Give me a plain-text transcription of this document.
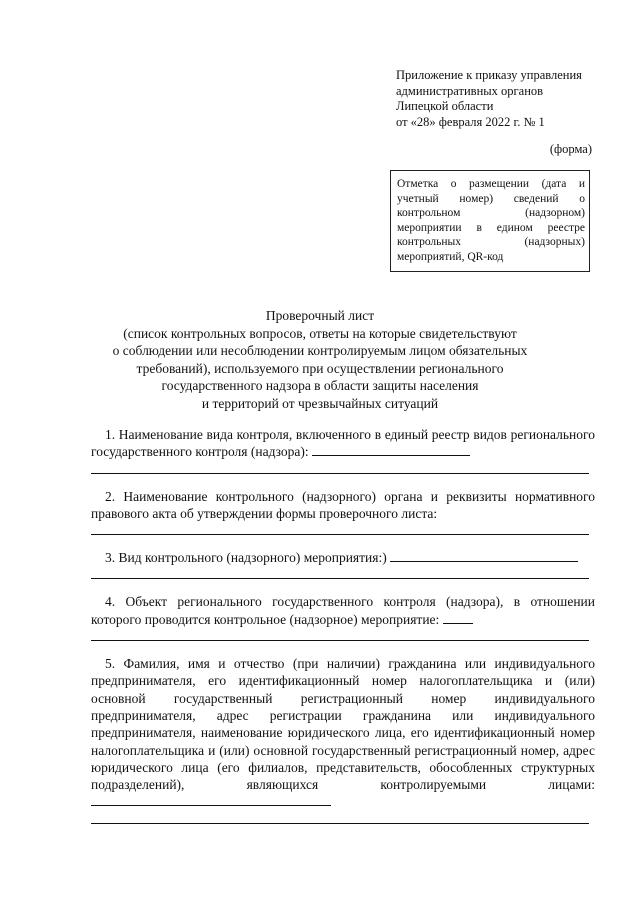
Приложение к приказу управления
административных органов
Липецкой области
от «28» февраля 2022 г. № 1
(форма)
Отметка о размещении (дата и учетный номер) сведений о контрольном (надзорном) мероприятии в едином реестре контрольных (надзорных) мероприятий, QR-код
Проверочный лист
(список контрольных вопросов, ответы на которые свидетельствуют
о соблюдении или несоблюдении контролируемым лицом обязательных
требований), используемого при осуществлении регионального
государственного надзора в области защиты населения
и территорий от чрезвычайных ситуаций
1. Наименование вида контроля, включенного в единый реестр видов регионального государственного контроля (надзора):
2. Наименование контрольного (надзорного) органа и реквизиты нормативного правового акта об утверждении формы проверочного листа:
3. Вид контрольного (надзорного) мероприятия:)
4. Объект регионального государственного контроля (надзора), в отношении которого проводится контрольное (надзорное) мероприятие:
5. Фамилия, имя и отчество (при наличии) гражданина или индивидуального предпринимателя, его идентификационный номер налогоплательщика и (или) основной государственный регистрационный номер индивидуального предпринимателя, адрес регистрации гражданина или индивидуального предпринимателя, наименование юридического лица, его идентификационный номер налогоплательщика и (или) основной государственный регистрационный номер, адрес юридического лица (его филиалов, представительств, обособленных структурных подразделений), являющихся контролируемыми лицами:
